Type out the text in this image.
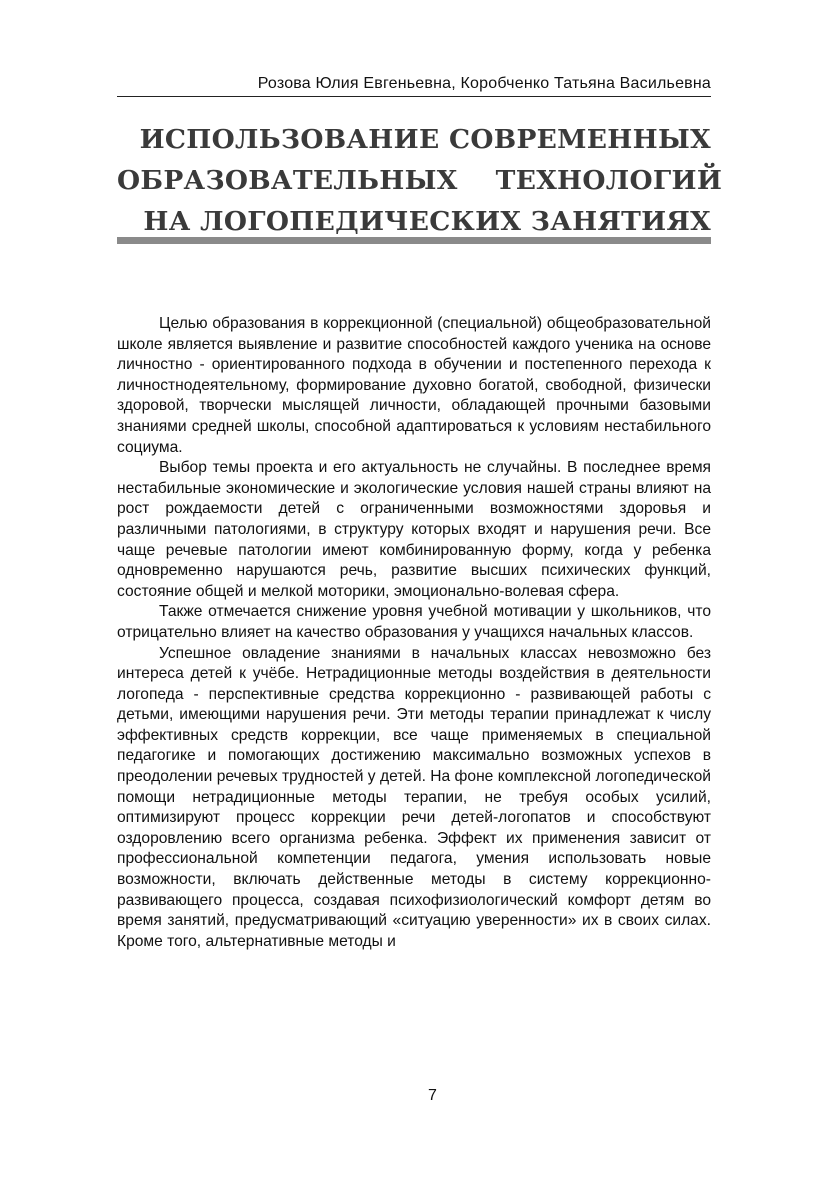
Розова Юлия Евгеньевна, Коробченко Татьяна Васильевна
ИСПОЛЬЗОВАНИЕ СОВРЕМЕННЫХ
ОБРАЗОВАТЕЛЬНЫХ    ТЕХНОЛОГИЙ
НА ЛОГОПЕДИЧЕСКИХ ЗАНЯТИЯХ

Целью образования в коррекционной (специальной) общеобразовательной школе является выявление и развитие способностей каждого ученика на основе личностно - ориентированного подхода в обучении и постепенного перехода к личностнодеятельному, формирование духовно богатой, свободной, физически здоровой, творчески мыслящей личности, обладающей прочными базовыми знаниями средней школы, способной адаптироваться к условиям нестабильного социума.

Выбор темы проекта и его актуальность не случайны. В последнее время нестабильные экономические и экологические условия нашей страны влияют на рост рождаемости детей с ограниченными возможностями здоровья и различными патологиями, в структуру которых входят и нарушения речи. Все чаще речевые патологии имеют комбинированную форму, когда у ребенка одновременно нарушаются речь, развитие высших психических функций, состояние общей и мелкой моторики, эмоционально-волевая сфера.

Также отмечается снижение уровня учебной мотивации у школьников, что отрицательно влияет на качество образования у учащихся начальных классов.

Успешное овладение знаниями в начальных классах невозможно без интереса детей к учёбе. Нетрадиционные методы воздействия в деятельности логопеда - перспективные средства коррекционно - развивающей работы с детьми, имеющими нарушения речи. Эти методы терапии принадлежат к числу эффективных средств коррекции, все чаще применяемых в специальной педагогике и помогающих достижению максимально возможных успехов в преодолении речевых трудностей у детей. На фоне комплексной логопедической помощи нетрадиционные методы терапии, не требуя особых усилий, оптимизируют процесс коррекции речи детей-логопатов и способствуют оздоровлению всего организма ребенка. Эффект их применения зависит от профессиональной компетенции педагога, умения использовать новые возможности, включать действенные методы в систему коррекционно-развивающего процесса, создавая психофизиологический комфорт детям во время занятий, предусматривающий «ситуацию уверенности» их в своих силах. Кроме того, альтернативные методы и

7
